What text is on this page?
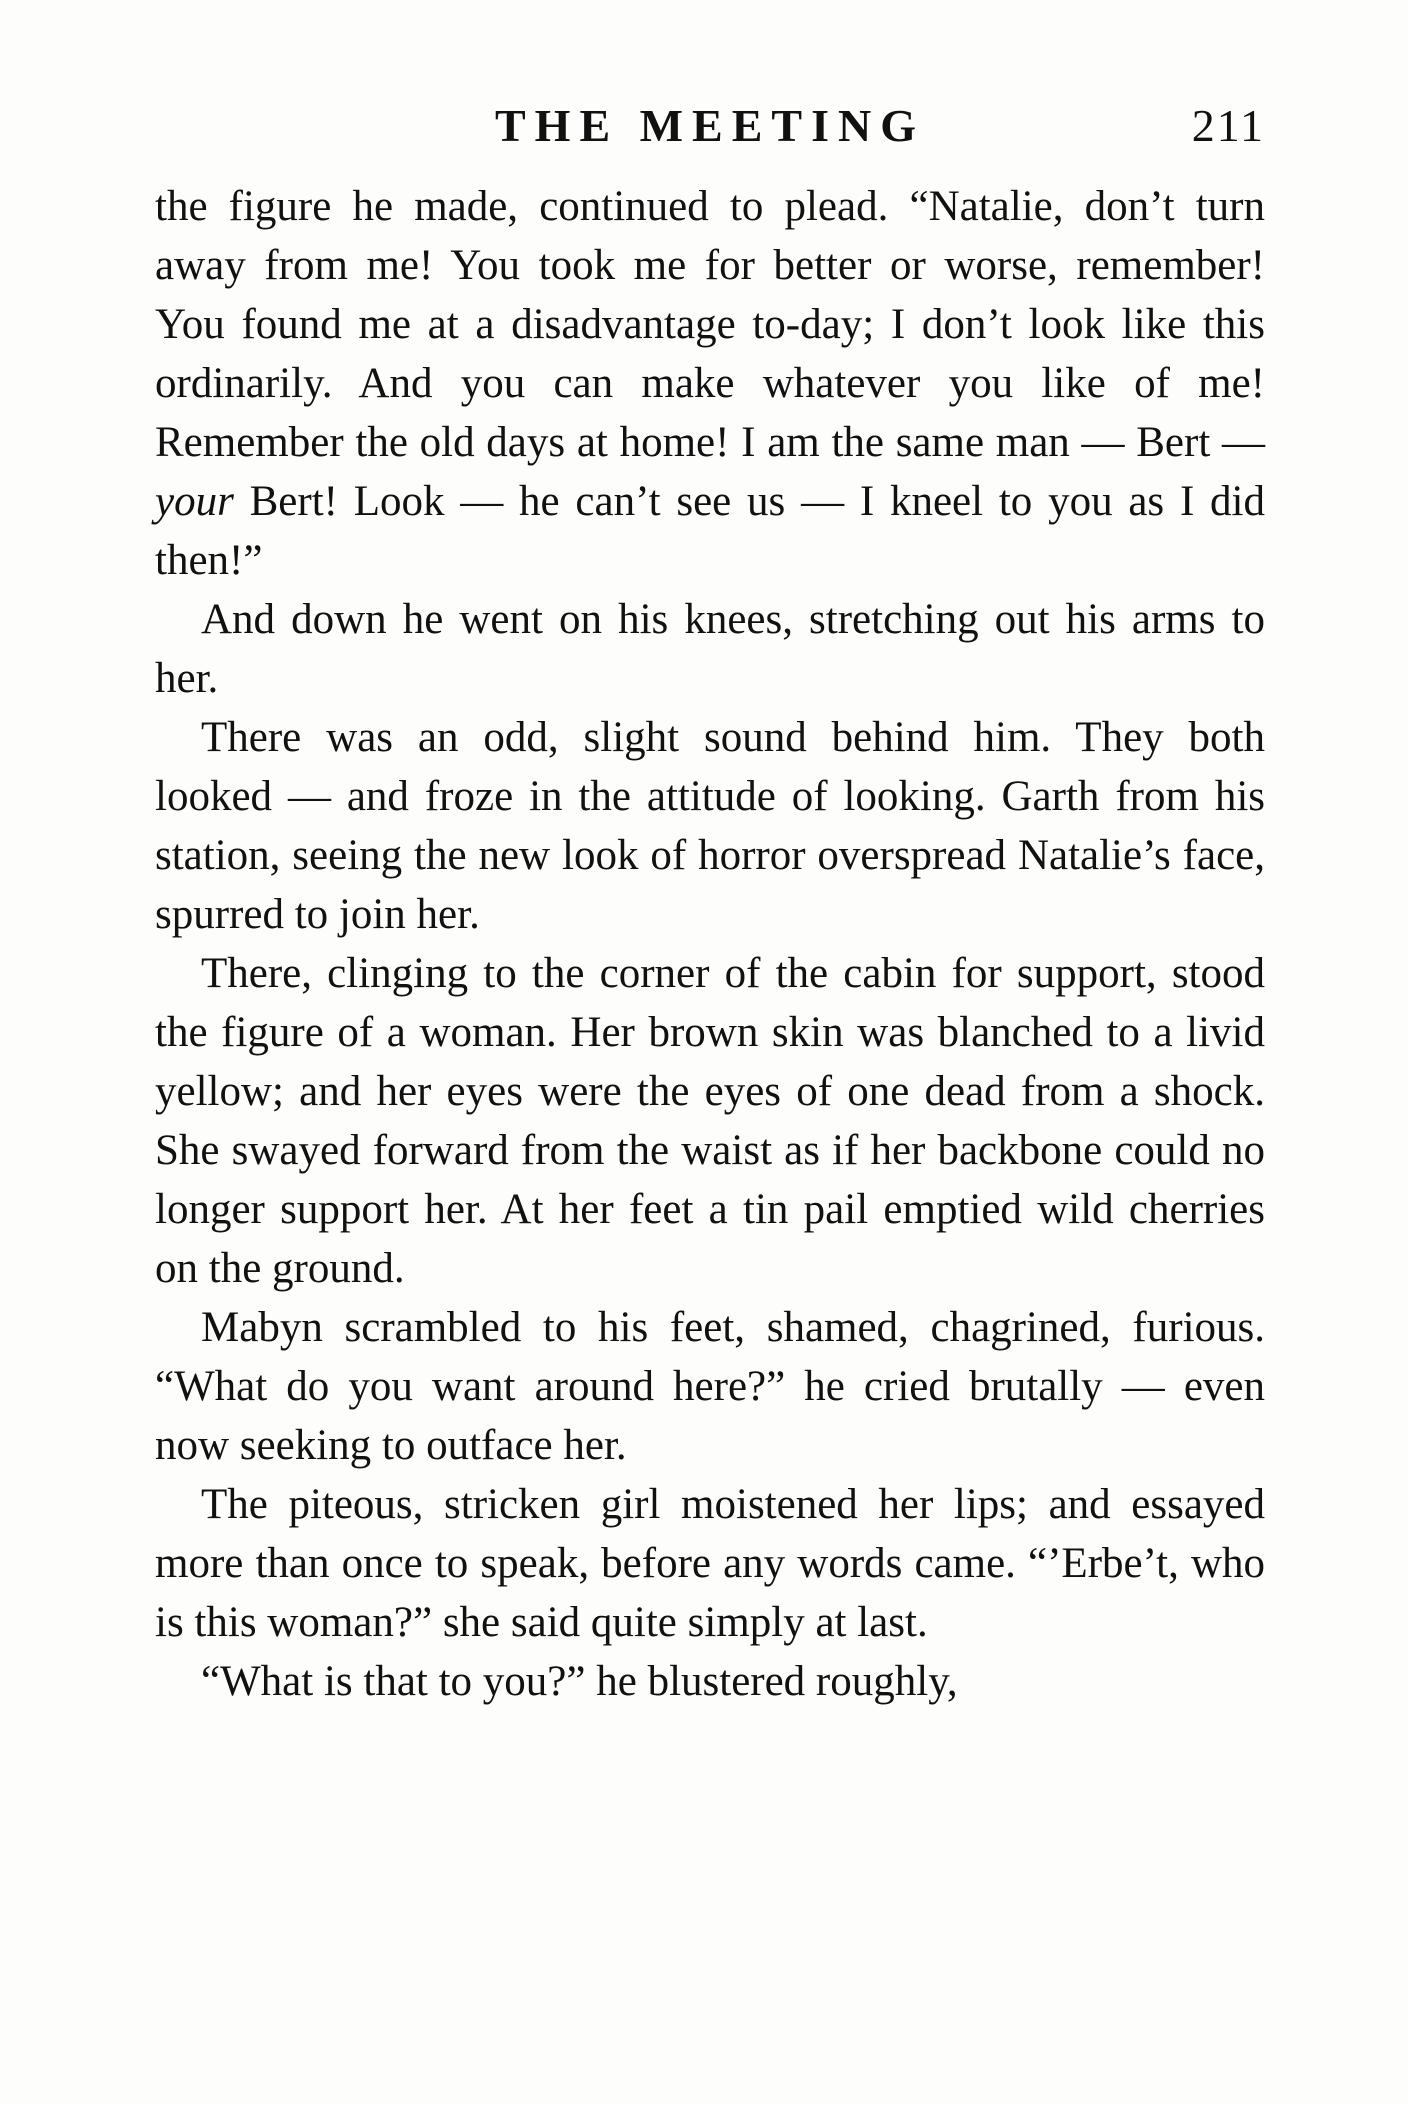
THE MEETING	211

the figure he made, continued to plead. “Natalie, don’t turn away from me! You took me for better or worse, remember! You found me at a disadvantage to-day; I don’t look like this ordinarily. And you can make whatever you like of me! Remember the old days at home! I am the same man — Bert — your Bert! Look — he can’t see us — I kneel to you as I did then!”

And down he went on his knees, stretching out his arms to her.

There was an odd, slight sound behind him. They both looked — and froze in the attitude of looking. Garth from his station, seeing the new look of horror overspread Natalie’s face, spurred to join her.

There, clinging to the corner of the cabin for support, stood the figure of a woman. Her brown skin was blanched to a livid yellow; and her eyes were the eyes of one dead from a shock. She swayed forward from the waist as if her backbone could no longer support her. At her feet a tin pail emptied wild cherries on the ground.

Mabyn scrambled to his feet, shamed, chagrined, furious. “What do you want around here?” he cried brutally — even now seeking to outface her.

The piteous, stricken girl moistened her lips; and essayed more than once to speak, before any words came. “’Erbe’t, who is this woman?” she said quite simply at last.

“What is that to you?” he blustered roughly,
